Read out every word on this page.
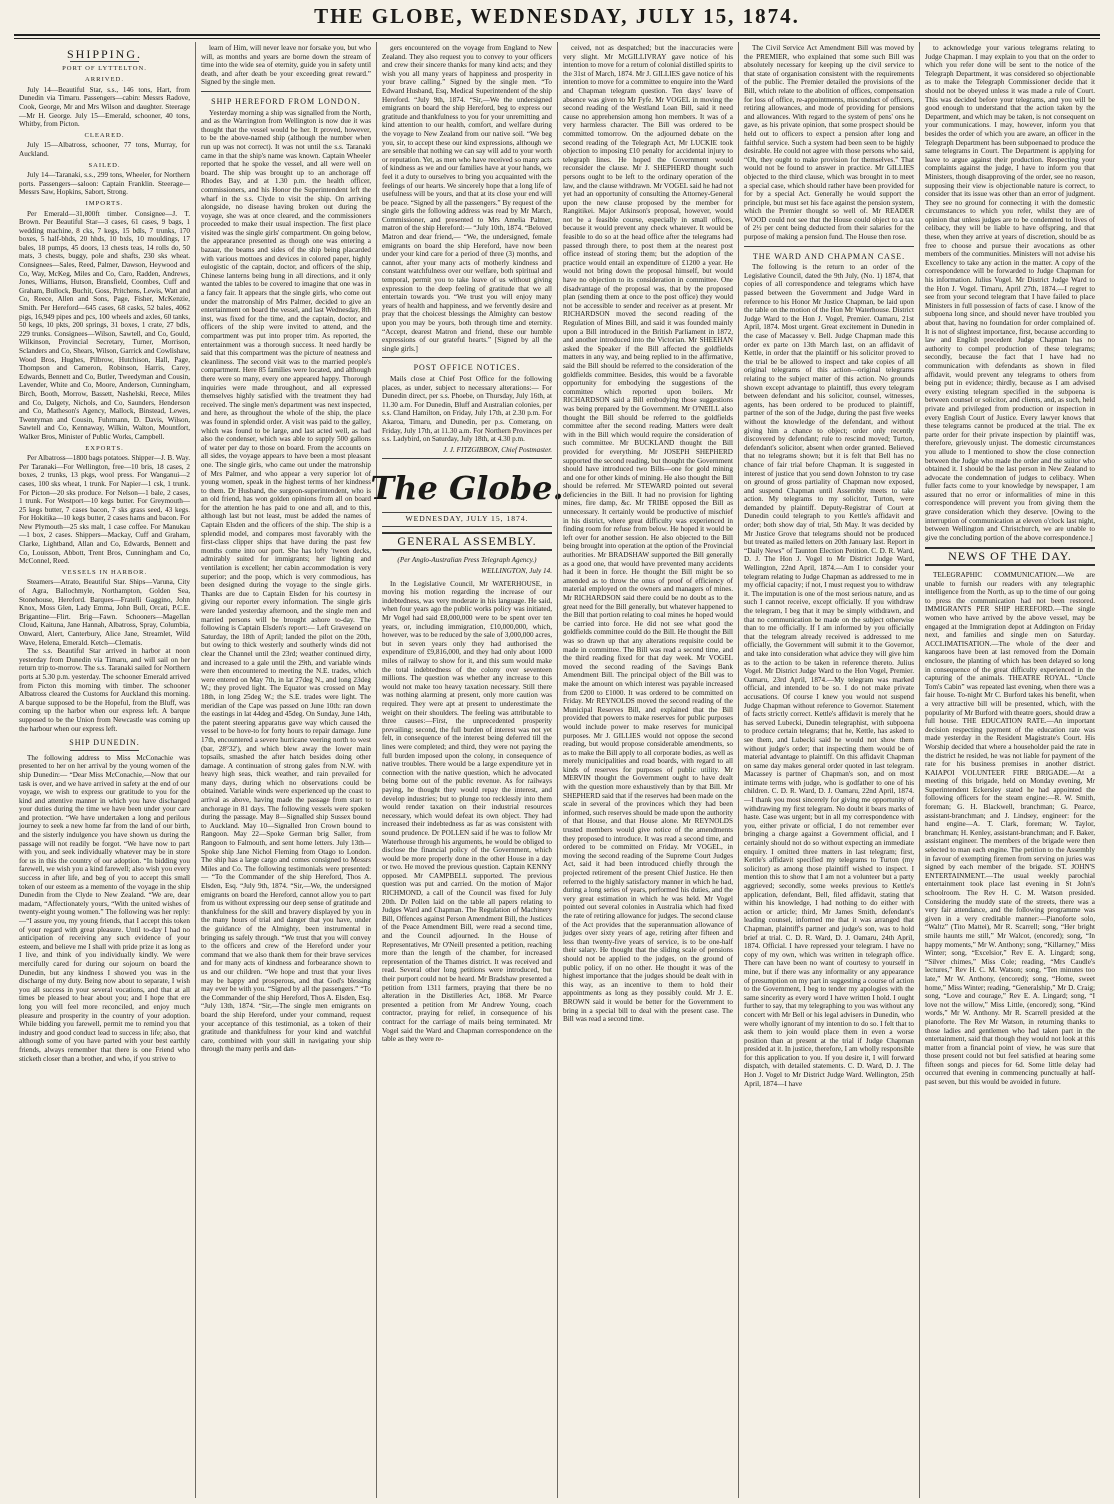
THE GLOBE, WEDNESDAY, JULY 15, 1874.
SHIPPING.
PORT OF LYTTELTON.
ARRIVED.

July 14—Beautiful Star, s.s., 146 tons, Hart, from Dunedin via Timaru. Passengers—cabin: Messrs Radove, Cook, George, Mr and Mrs Wilson and daughter. Steerage—Mr H. George. July 15—Emerald, schooner, 40 tons, Whitby, from Picton.

CLEARED.

July 15—Albatross, schooner, 77 tons, Murray, for Auckland.

SAILED.

July 14—Taranaki, s.s., 299 tons, Wheeler, for Northern ports. Passengers—saloon: Captain Franklin. Steerage—Messrs Saw, Hopkins, Sabort, Strong.

IMPORTS.

Per Emerald—31,800ft timber. Consignee—J. T. Brown. Per Beautiful Star—3 cases, 61 cases, 9 bags, 1 wedding machine, 8 cks, 7 kegs, 15 bdls, 7 trunks, 170 boxes, 5 half-bhds, 20 hhds, 10 bxls, 10 mouldings, 17 bales, 18 pumps, 45 doors, 13 chests teas, 14 rolls do, 50 mats, 3 chests, buggy, pole and shafts, 230 sks wheat. Consignees—Sales, Reed, Palmer, Dawson, Heywood and Co, Way, McKeg, Miles and Co, Caro, Radden, Andrews, Jones, Williams, Hutson, Bransfield, Coombes, Cuff and Graham, Bullock, Buchit, Goss, Pritchens, Lewis, Watt and Co, Reece, Allen and Sons, Page, Fisher, McKenzie, Smith. Per Hereford—645 cases, 68 casks, 52 bales, 4062 pigs, 16,949 pipes and pcs, 100 wheels and axles, 60 tanks, 50 kegs, 10 pkts, 200 springs, 31 boxes, 1 crate, 27 bdls, 229 trunks. Consignees—Wilson, Sawtell, and Co, Gould, Wilkinson, Provincial Secretary, Turner, Morrison, Sclanders and Co, Shears, Wilson, Garrick and Cowlishaw, Wood Bros, Hughes, Pilbrow, Hutchison, Hall, Page, Thompson and Cameron, Robinson, Harris, Carey, Edwards, Bennett and Co, Butler, Tweedyman and Cousin, Lavender, White and Co, Moore, Anderson, Cunningham, Birch, Booth, Morrow, Bassett, Nashelski, Reece, Miles and Co, Dalgety, Nichols, and Co, Saunders, Henderson and Co, Matheson's Agency, Mallock, Binstead, Lewes, Twentyman and Cousin, Fuhrmann, D. Davis, Wilson, Sawtell and Co, Kennaway, Wilkin, Walton, Mountfort, Walker Bros, Minister of Public Works, Campbell.

EXPORTS.

Per Albatross—1800 bags potatoes. Shipper—J. B. Way. Per Taranaki—For Wellington, free—10 bris, 18 cases, 2 boxes, 2 trunks, 13 pkgs, wool press. For Wanganui—2 cases, 100 sks wheat, 1 trunk. For Napier—1 csk, 1 trunk. For Picton—20 sks produce. For Nelson—1 bale, 2 cases, 1 trunk. For Westport—10 kegs butter. For Greymouth—25 kegs butter, 7 cases bacon, 7 sks grass seed, 43 kegs. For Hokitika—10 kegs butter, 2 cases hams and bacon. For New Plymouth—25 sks malt, 1 case coffee. For Manukau—1 box, 2 cases. Shippers—Mackay, Cuff and Graham, Clarke, Lightband, Allan and Co, Edwards, Bennett and Co, Louisson, Abbott, Trent Bros, Cunningham and Co, McConnel, Reed.

VESSELS IN HARBOR.

Steamers—Atrato, Beautiful Star. Ships—Varuna, City of Agra, Ballochmyle, Northampton, Golden Sea, Stonehouse, Hereford. Barques—Fratelli Gaggino, John Knox, Moss Glen, Lady Emma, John Bull, Orcati, P.C.E. Brigantine—Flirt. Brig—Fawn. Schooners—Magellan Cloud, Kaituna, Jane Hannah, Albatross, Spray, Columbia, Onward, Alert, Canterbury, Alice Jane, Streamlet, Wild Wave, Helena, Emerald. Ketch—Clematis.

The s.s. Beautiful Star arrived in harbor at noon yesterday from Dunedin via Timaru, and will sail on her return trip to-morrow. The s.s. Taranaki sailed for Northern ports at 5.30 p.m. yesterday. The schooner Emerald arrived from Picton this morning with timber. The schooner Albatross cleared the Customs for Auckland this morning. A barque supposed to be the Hopeful, from the Bluff, was coming up the harbor when our express left. A barque supposed to be the Union from Newcastle was coming up the harbour when our express left.

SHIP DUNEDIN.

The following address to Miss McConachie was presented to her on her arrival by the young women of the ship Dunedin:— “Dear Miss McConachie,—Now that our task is over, and we have arrived in safety at the end of our voyage, we wish to express our gratitude to you for the kind and attentive manner in which you have discharged your duties during the time we have been under your care and protection. “We have undertaken a long and perilous journey to seek a new home far from the land of our birth, and the sisterly indulgence you have shown us during the passage will not readily be forgot. “We have now to part with you, and seek individually whatever may be in store for us in this the country of our adoption. “In bidding you farewell, we wish you a kind farewell; also wish you every success in after life, and beg of you to accept this small token of our esteem as a memento of the voyage in the ship Dunedin from the Clyde to New Zealand. “We are, dear madam, “Affectionately yours, “With the united wishes of twenty-eight young women.” The following was her reply:—“I assure you, my young friends, that I accept this token of your regard with great pleasure. Until to-day I had no anticipation of receiving any such evidence of your esteem, and believe me I shall with pride prize it as long as I live, and think of you individually kindly. We were mercifully cared for during our sojourn on board the Dunedin, but any kindness I showed you was in the discharge of my duty. Being now about to separate, I wish you all success in your several vocations, and that at all times be pleased to hear about you; and I hope that ere long you will feel more reconciled, and enjoy much pleasure and prosperity in the country of your adoption. While bidding you farewell, permit me to remind you that industry and good conduct lead to success in life; also, that although some of you have parted with your best earthly friends, always remember that there is one Friend who sticketh closer than a brother, and who, if you strive to

learn of Him, will never leave nor forsake you, but who will, as months and years are borne down the stream of time into the wide sea of eternity, guide you in safety until death, and after death be your exceeding great reward.” Signed by the single men.

SHIP HEREFORD FROM LONDON.

Yesterday morning a ship was signalled from the North, and as the Warrington from Wellington is now due it was thought that the vessel would be her. It proved, however, to be the above-named ship (although the number when run up was not correct). It was not until the s.s. Taranaki came in that the ship's name was known. Captain Wheeler reported that he spoke the vessel, and all were well on board. The ship was brought up to an anchorage off Rhodes Bay, and at 1.30 p.m. the health officer, commissioners, and his Honor the Superintendent left the wharf in the s.s. Clyde to visit the ship. On arriving alongside, no disease having broken out during the voyage, she was at once cleared, and the commissioners proceeded to make their usual inspection. The first place visited was the single girls' compartment. On going below, the appearance presented as though one was entering a bazaar, the beams and sides of the ship being placarded with various mottoes and devices in colored paper, highly eulogistic of the captain, doctor, and officers of the ship, Chinese lanterns being hung in all directions, and it only wanted the tables to be covered to imagine that one was in a fancy fair. It appears that the single girls, who come out under the matronship of Mrs Palmer, decided to give an entertainment on board the vessel, and last Wednesday, 8th inst, was fixed for the time, and the captain, doctor, and officers of the ship were invited to attend, and the compartment was put into proper trim. As reported, the entertainment was a thorough success. It need hardly be said that this compartment was the picture of neatness and cleanliness. The second visit was to the married people's compartment. Here 85 families were located, and although there were so many, every one appeared happy. Thorough inquiries were made throughout, and all expressed themselves highly satisfied with the treatment they had received. The single men's department was next inspected, and here, as throughout the whole of the ship, the place was found in splendid order. A visit was paid to the galley, which was found to be large, and last acted well, as had also the condenser, which was able to supply 500 gallons of water per day to those on board. From the accounts on all sides, the voyage appears to have been a most pleasant one. The single girls, who came out under the matronship of Mrs Palmer, and who appear a very superior lot of young women, speak in the highest terms of her kindness to them. Dr Husband, the surgeon-superintendent, who is an old friend, has won golden opinions from all on board for the attention he has paid to one and all, and to this, although last but not least, must be added the names of Captain Elsden and the officers of the ship. The ship is a splendid model, and compares most favorably with the first-class clipper ships that have during the past few months come into our port. She has lofty 'tween decks, admirably suited for immigrants; her lighting and ventilation is excellent; her cabin accommodation is very superior; and the poop, which is very commodious, has been designed during the voyage to the single girls. Thanks are due to Captain Elsden for his courtesy in giving our reporter every information. The single girls were landed yesterday afternoon, and the single men and married persons will be brought ashore to-day. The following is Captain Elsden's report:— Left Gravesend on Saturday, the 18th of April; landed the pilot on the 20th, but owing to thick westerly and southerly winds did not clear the Channel until the 23rd; weather continued dirty, and increased to a gale until the 29th, and variable winds were then encountered to meeting the N.E. trades, which were entered on May 7th, in lat 27deg N., and long 23deg W.; they proved light. The Equator was crossed on May 18th, in long 25deg W.; the S.E. trades were light. The meridian of the Cape was passed on June 10th: ran down the eastings in lat 44deg and 45deg. On Sunday, June 14th, the patent steering apparatus gave way which caused the vessel to be hove-to for forty hours to repair damage. June 17th, encountered a severe hurricane veering north to west (bar, 28°32'), and which blew away the lower main topsails, smashed the after hatch besides doing other damage. A continuation of strong gales from N.W. with heavy high seas, thick weather, and rain prevailed for many days, during which no observations could be obtained. Variable winds were experienced up the coast to arrival as above, having made the passage from start to anchorage in 81 days. The following vessels were spoken during the passage. May 8—Signalled ship Sussex bound to Auckland. May 10—Signalled Iron Crown bound to Rangoon. May 22—Spoke German brig Saller, from Rangoon to Falmouth, and sent home letters. July 13th—Spoke ship Jane Nichol Fleming from Otago to London. The ship has a large cargo and comes consigned to Messrs Miles and Co. The following testimonials were presented:— “To the Commander of the ship Hereford, Thos A. Elsden, Esq. “July 9th, 1874. “Sir,—We, the undersigned emigrants on board the Hereford, cannot allow you to part from us without expressing our deep sense of gratitude and thankfulness for the skill and bravery displayed by you in the many hours of trial and danger that you have, under the guidance of the Almighty, been instrumental in bringing us safely through. “We trust that you will convey to the officers and crew of the Hereford under your command that we also thank them for their brave services and for many acts of kindness and forbearance shown to us and our children. “We hope and trust that your lives may be happy and prosperous, and that God's blessing may ever be with you. “Signed by all the passengers.” “To the Commander of the ship Hereford, Thos A. Elsden, Esq. “July 13th, 1874. “Sir,—The single men emigrants on board the ship Hereford, under your command, request your acceptance of this testimonial, as a token of their gratitude and thankfulness for your kind and watchful care, combined with your skill in navigating your ship through the many perils and dan-

gers encountered on the voyage from England to New Zealand. They also request you to convey to your officers and crew their sincere thanks for many kind acts; and they wish you all many years of happiness and prosperity in your brave calling.” Signed by the single men. “To Edward Husband, Esq, Medical Superintendent of the ship Hereford. “July 9th, 1874. “Sir,—We the undersigned emigrants on board the ship Hereford, beg to express our gratitude and thankfulness to you for your unremitting and kind attention to our health, comfort, and welfare during the voyage to New Zealand from our native soil. “We beg you, sir, to accept these our kind expressions, although we are sensible that nothing we can say will add to your worth or reputation. Yet, as men who have received so many acts of kindness as we and our families have at your hands, we feel it a duty to ourselves to bring you acquainted with the feelings of our hearts. We sincerely hope that a long life of usefulness will be yours, and that at its close your end will be peace. “Signed by all the passengers.” By request of the single girls the following address was read by Mr March, Commissioner, and presented to Mrs Amelia Palmer, matron of the ship Hereford:— “July 10th, 1874. “Beloved Matron and dear friend,— “We, the undersigned, female emigrants on board the ship Hereford, have now been under your kind care for a period of three (3) months, and cannot, after your many acts of motherly kindness and constant watchfulness over our welfare, both spiritual and temporal, permit you to take leave of us without giving expression to the deep feeling of gratitude that we all entertain towards you. “We trust you will enjoy many years of health and happiness, and we fervently desire and pray that the choicest blessings the Almighty can bestow upon you may be yours, both through time and eternity. “Accept, dearest Matron and friend, these our humble expressions of our grateful hearts.” [Signed by all the single girls.]

POST OFFICE NOTICES.

Mails close at Chief Post Office for the following places, as under, subject to necessary alterations:— For Dunedin direct, per s.s. Phoebe, on Thursday, July 16th, at 11.30 a.m. For Dunedin, Bluff and Australian colonies, per s.s. Cland Hamilton, on Friday, July 17th, at 2.30 p.m. For Akaroa, Timaru, and Dunedin, per p.s. Comerang, on Friday, July 17th, at 11.30 a.m. For Northern Provinces per s.s. Ladybird, on Saturday, July 18th, at 4.30 p.m.

J. J. FITZGIBBON, Chief Postmaster.
The Globe.
WEDNESDAY, JULY 15, 1874.
GENERAL ASSEMBLY.
(Per Anglo-Australian Press Telegraph Agency.)
WELLINGTON, July 14.

In the Legislative Council, Mr WATERHOUSE, in moving his motion regarding the increase of our indebtedness, was very moderate in his language. He said, when four years ago the public works policy was initiated, Mr Vogel had said £8,000,000 were to be spent over ten years, or, including immigration, £10,000,000, which, however, was to be reduced by the sale of 3,000,000 acres, but in seven years only they had authorised the expenditure of £9,816,000, and they had only about 1000 miles of railway to show for it, and this sum would make the total indebtedness of the colony over seventeen millions. The question was whether any increase to this would not make too heavy taxation necessary. Still there was nothing alarming at present, only more caution was required. They were apt at present to underestimate the weight on their shoulders. The feeling was attributable to three causes:—First, the unprecedented prosperity prevailing; second, the full burden of interest was not yet felt, in consequence of the interest being deferred till the lines were completed; and third, they were not paying the full burden imposed upon the colony, in consequence of native troubles. There would be a large expenditure yet in connection with the native question, which he advocated being borne out of the public revenue. As for railways paying, he thought they would repay the interest, and develop industries; but to plunge too recklessly into them would render taxation on their industrial resources necessary, which would defeat its own object. They had increased their indebtedness as far as was consistent with sound prudence. Dr POLLEN said if he was to follow Mr Waterhouse through his arguments, he would be obliged to disclose the financial policy of the Government, which would be more properly done in the other House in a day or two. He moved the previous question. Captain KENNY opposed. Mr CAMPBELL supported. The previous question was put and carried. On the motion of Major RICHMOND, a call of the Council was fixed for July 20th. Dr Pollen laid on the table all papers relating to Judges Ward and Chapman. The Regulation of Machinery Bill, Offences against Person Amendment Bill, the Justices of the Peace Amendment Bill, were read a second time, and the Council adjourned. In the House of Representatives, Mr O'Neill presented a petition, reaching more than the length of the chamber, for increased representation of the Thames district. It was received and read. Several other long petitions were introduced, but their purport could not be heard. Mr Bradshaw presented a petition from 1311 farmers, praying that there be no alteration in the Distilleries Act, 1868. Mr Pearce presented a petition from Mr Andrew Young, coach contractor, praying for relief, in consequence of his contract for the carriage of mails being terminated. Mr Vogel said the Ward and Chapman correspondence on the table as they were re-

ceived, not as despatched; but the inaccuracies were very slight. Mr McGILLIVRAY gave notice of his intention to move for a return of colonial distilled spirits to the 31st of March, 1874. Mr J. GILLIES gave notice of his intention to move for a committee to enquire into the Ward and Chapman telegram question. Ten days' leave of absence was given to Mr Fyfe. Mr VOGEL in moving the second reading of the Westland Loan Bill, said it need cause no apprehension among hon members. It was of a very harmless character. The Bill was ordered to be committed tomorrow. On the adjourned debate on the second reading of the Telegraph Act, Mr LUCKIE took objection to imposing £10 penalty for accidental injury to telegraph lines. He hoped the Government would reconsider the clause. Mr J. SHEPHERD thought such persons ought to be left to the ordinary operation of the law, and the clause withdrawn. Mr VOGEL said he had not yet had an opportunity of consulting the Attorney-General upon the new clause proposed by the member for Rangitikei. Major Atkinson's proposal, however, would not be a feasible course, especially in small offices, because it would prevent any check whatever. It would be feasible to do so at the head office after the telegrams had passed through there, to post them at the nearest post office instead of storing them; but the adoption of the practice would entail an expenditure of £1200 a year. He would not bring down the proposal himself, but would have no objection to its consideration in committee. One disadvantage of the proposal was, that by the proposed plan (sending them at once to the post office) they would not be accessible to sender and receiver as at present. Mr RICHARDSON moved the second reading of the Regulation of Mines Bill, and said it was founded mainly upon a Bill introduced in the British Parliament in 1872, and another introduced into the Victorian. Mr SHEEHAN asked the Speaker if the Bill affected the goldfields matters in any way, and being replied to in the affirmative, said the Bill should be referred to the consideration of the goldfields committee. Besides, this would be a favorable opportunity for embodying the suggestions of the committee which reported upon boilers. Mr RICHARDSON said a Bill embodying those suggestions was being prepared by the Government. Mr O'NEILL also thought the Bill should be referred to the goldfields committee after the second reading. Matters were dealt with in the Bill which would require the consideration of such committee. Mr BUCKLAND thought the Bill provided for everything. Mr JOSEPH SHEPHERD supported the second reading, but thought the Government should have introduced two Bills—one for gold mining and one for other kinds of mining. He also thought the Bill should be referred. Mr STEWARD pointed out several deficiencies in the Bill. It had no provision for lighting mines, fire damp, &c. Mr TRIBE opposed the Bill as unnecessary. It certainly would be productive of mischief in his district, where great difficulty was experienced in finding room for refuse from below. He hoped it would be left over for another session. He also objected to the Bill being brought into operation at the option of the Provincial authorities. Mr BRADSHAW supported the Bill generally as a good one, that would have prevented many accidents had it been in force. He thought the Bill might be so amended as to throw the onus of proof of efficiency of material employed on the owners and managers of mines. Mr RICHARDSON said there could be no doubt as to the great need for the Bill generally, but whatever happened to the Bill that portion relating to coal mines he hoped would be carried into force. He did not see what good the goldfields committee could do the Bill. He thought the Bill was so drawn up that any alterations requisite could be made in committee. The Bill was read a second time, and the third reading fixed for that day week. Mr VOGEL moved the second reading of the Savings Bank Amendment Bill. The principal object of the Bill was to make the amount on which interest was payable increased from £200 to £1000. It was ordered to be committed on Friday. Mr REYNOLDS moved the second reading of the Municipal Reserves Bill, and explained that the Bill provided that powers to make reserves for public purposes would include power to make reserves for municipal purposes. Mr J. GILLIES would not oppose the second reading, but would propose considerable amendments, so as to make the Bill apply to all corporate bodies, as well as merely municipalities and road boards, with regard to all kinds of reserves for purposes of public utility. Mr MERVIN thought the Government ought to have dealt with the question more exhaustively than by that Bill. Mr SHEPHERD said that if the reserves had been made on the scale in several of the provinces which they had been informed, such reserves should be made upon the authority of that House, and that House alone. Mr REYNOLDS trusted members would give notice of the amendments they proposed to introduce. It was read a second time, and ordered to be committed on Friday. Mr VOGEL, in moving the second reading of the Supreme Court Judges Act, said it had been introduced chiefly through the projected retirement of the present Chief Justice. He then referred to the highly satisfactory manner in which he had, during a long series of years, performed his duties, and the very great estimation in which he was held. Mr Vogel pointed out several colonies in Australia which had fixed the rate of retiring allowance for judges. The second clause of the Act provides that the superannuation allowance of judges over sixty years of age, retiring after fifteen and less than twenty-five years of service, is to be one-half their salary. He thought that the sliding scale of pensions should not be applied to the judges, on the ground of public policy, if on no other. He thought it was of the highest importance that the judges should be dealt with in this way, as an incentive to them to hold their appointments as long as they possibly could. Mr J. E. BROWN said it would be better for the Government to bring in a special bill to deal with the present case. The Bill was read a second time.

The Civil Service Act Amendment Bill was moved by the PREMIER, who explained that some such Bill was absolutely necessary for keeping up the civil service to that state of organisation consistent with the requirements of the public. The Premier detailed the provisions of the Bill, which relate to the abolition of offices, compensation for loss of office, re-appointments, misconduct of officers, retiring allowances, and mode of providing for pensions and allowances. With regard to the system of pens' ons he gave, as his private opinion, that some prospect should be held out to officers to expect a pension after long and faithful service. Such a system had been seen to be highly desirable. He could not agree with those persons who said, “Oh, they ought to make provision for themselves.” That would not be found to answer in practice. Mr GILLIES objected to the third clause, which was brought in to meet a special case, which should rather have been provided for for by a special Act. Generally he would support the principle, but must set his face against the pension system, which the Premier thought so well of. Mr READER WOOD could not see that the House could object to a tax of 2½ per cent being deducted from their salaries for the purpose of making a pension fund. The House then rose.

THE WARD AND CHAPMAN CASE.

The following is the return to an order of the Legislative Council, dated the 9th July, (No. 1) 1874, that copies of all correspondence and telegrams which have passed between the Government and Judge Ward in reference to his Honor Mr Justice Chapman, be laid upon the table on the motion of the Hon Mr Waterhouse. District Judge Ward to the Hon J. Vogel, Premier. Oamaru, 21st April, 1874. Most urgent. Great excitement in Dunedin in the case of Macassey v. Bell. Judge Chapman made this order ex parte on 13th March last, on an affidavit of Kettle, in order that the plaintiff or his solicitor proved to the trial be be allowed to inspect and take copies of all original telegrams of this action—original telegrams relating to the subject matter of this action. No grounds shown except advantage to plaintiff, thus every telegram between defendant and his solicitor, counsel, witnesses, agents, has been ordered to be produced to plaintiff, partner of the son of the Judge, during the past five weeks without the knowledge of the defendant, and without giving him a chance to object; order only recently discovered by defendant; rule to rescind moved; Turton, defendant's solicitor, absent when order granted. Believed that no telegrams shown; but it is felt that Bell has no chance of fair trial before Chapman. It is suggested in interest of justice that you send down Johnston to try case on ground of gross partiality of Chapman now exposed, and suspend Chapman until Assembly meets to take action. My telegrams to my solicitor, Turton, were demanded by plaintiff. Deputy-Registrar of Court at Dunedin could telegraph to you Kettle's affidavit and order; both show day of trial, 5th May. It was decided by Mr Justice Grove that telegrams should not be produced but treated as mailed letters on 20th January last. Report in “Daily News” of Taunton Election Petition. C. D. R. Ward, D. J. The Hon J. Vogel to Mr District Judge Ward, Wellington, 22nd April, 1874.—Am I to consider your telegram relating to Judge Chapman as addressed to me in my official capacity; if not, I must request you to withdraw it. The imputation is one of the most serious nature, and as such I cannot receive, except officially. If you withdraw the telegram, I beg that it may be simply withdrawn, and that no communication be made on the subject otherwise than to me officially. If I am informed by you officially that the telegram already received is addressed to me officially, the Government will submit it to the Governor, and take into consideration what advice they will give him as to the action to be taken in reference thereto. Julius Vogel. Mr District Judge Ward to the Hon Vogel, Premier. Oamaru, 23rd April, 1874.—My telegram was marked official, and intended to be so. I do not make private accusations. Of course I knew you would not suspend Judge Chapman without reference to Governor. Statement of facts strictly correct. Kettle's affidavit is merely that he has served Lubecki, Dunedin telegraphist, with subpoena to produce certain telegrams; that he, Kettle, has asked to see them, and Lubecki said he would not show them without judge's order; that inspecting them would be of material advantage to plaintiff. On this affidavit Chapman on same day makes general order quoted in last telegram. Macassey is partner of Chapman's son, and on most intimate terms with judge, who is godfather to one of his children. C. D. R. Ward, D. J. Oamaru, 22nd April, 1874.—I thank you most sincerely for giving me opportunity of withdrawing my first telegram. No doubt it bears marks of haste. Case was urgent; but in all my correspondence with you, either private or official, I do not remember ever bringing a charge against a Government official, and I certainly should not do so without expecting an immediate enquiry. I omitted three matters in last telegram; first, Kettle's affidavit specified my telegrams to Turton (my solicitor) as among those plaintiff wished to inspect. I mention this to show that I am not a volunteer but a party aggrieved; secondly, some weeks previous to Kettle's application, defendant, Bell, filed affidavit, stating that within his knowledge, I had nothing to do either with action or article; third, Mr James Smith, defendant's leading counsel, informed me that it was arranged that Chapman, plaintiff's partner and judge's son, was to hold brief at trial. C. D. R. Ward, D. J. Oamaru, 24th April, 1874. Official. I have repressed your telegram. I have no copy of my own, which was written in telegraph office. There can have been no want of courtesy to yourself in mine, but if there was any informality or any appearance of presumption on my part in suggesting a course of action to the Government, I beg to tender my apologies with the same sincerity as every word I have written I hold. I ought further to say, that my telegraphing to you was without any concert with Mr Bell or his legal advisers in Dunedin, who were wholly ignorant of my intention to do so. I felt that to ask them to join would place them in even a worse position than at present at the trial if Judge Chapman presided at it. In justice, therefore, I am wholly responsible for this application to you. If you desire it, I will forward dispatch, with detailed statements. C. D. Ward, D. J. The Hon J. Vogel to Mr District Judge Ward. Wellington, 25th April, 1874—I have

to acknowledge your various telegrams relating to Judge Chapman. I may explain to you that on the order to which you refer done will be sent to the notice of the Telegraph Department, it was considered so objectionable as to make the Telegraph Commissioner decide that it should not be obeyed unless it was made a rule of Court. This was decided before your telegrams, and you will be good enough to understand that the action taken by the Department, and which may be taken, is not consequent on your communications. I may, however, inform you that besides the order of which you are aware, an officer in the Telegraph Department has been subpoenaed to produce the same telegrams in Court. The Department is applying for leave to argue against their production. Respecting your complaints against the judge, I have to inform you that Ministers, though disapproving of the order, see no reason, supposing their view is objectionable nature is correct, to consider that its issue was other than an error of judgment. They see no ground for connecting it with the domestic circumstances to which you refer, whilst they are of opinion that unless judges are to be condemned to lives of celibacy, they will be liable to have offspring, and that these, when they arrive at years of discretion, should be as free to choose and pursue their avocations as other members of the communities. Ministers will not advise his Excellency to take any action in the matter. A copy of the correspondence will be forwarded to Judge Chapman for his information. Julius Vogel. Mr District Judge Ward to the Hon J. Vogel. Timaru, April 27th, 1874.—I regret to see from your second telegram that I have failed to place Ministers in full possession of facts of case. I know of the subpoena long since, and should never have troubled you about that, having no foundation for order complained of. It is not of slightest importance, first, because according to law and English precedent Judge Chapman has no authority to compel production of these telegrams; secondly, because the fact that I have had no communication with defendants as shown in filed affidavit, would prevent any telegrams to others from being put in evidence; thirdly, because as I am advised every existing telegram specified in the subpoena is between counsel or solicitor, and clients, and, as such, held private and privileged from production or inspection in every English Court of Justice. Every lawyer knows that these telegrams cannot be produced at the trial. The ex parte order for their private inspection by plaintiff was, therefore, grievously unjust. The domestic circumstances you allude to I mentioned to show the close connection between the Judge who made the order and the suitor who obtained it. I should be the last person in New Zealand to advocate the condemnation of judges to celibacy. When fuller facts come to your knowledge by newspaper, I am assured that no error or informalities of mine in this correspondence will prevent you from giving them the grave consideration which they deserve. [Owing to the interruption of communication at eleven o'clock last night, between Wellington and Christchurch, we are unable to give the concluding portion of the above correspondence.]

NEWS OF THE DAY.

TELEGRAPHIC COMMUNICATION.—We are unable to furnish our readers with any telegraphic intelligence from the North, as up to the time of our going to press the communication had not been restored. IMMIGRANTS PER SHIP HEREFORD.—The single women who have arrived by the above vessel, may be engaged at the Immigration depot at Addington on Friday next, and families and single men on Saturday. ACCLIMATISATION.—The whole of the deer and kangaroos have been at last removed from the Domain enclosure, the planting of which has been delayed so long in consequence of the great difficulty experienced in the capturing of the animals. THEATRE ROYAL. “Uncle Tom's Cabin” was repeated last evening, when there was a fair house. To-night Mr C. Burford takes his benefit, when a very attractive bill will be presented, which, with the popularity of Mr Burford with theatre goers, should draw a full house. THE EDUCATION RATE.—An important decision respecting payment of the education rate was made yesterday in the Resident Magistrate's Court. His Worship decided that where a householder paid the rate in the district he resided, he was not liable for payment of the rate for his business premises in another district. KAIAPOI VOLUNTEER FIRE BRIGADE.—At a meeting of this brigade, held on Monday evening, Mr Superintendent Eckersley stated he had appointed the following officers for the steam engine:—R. W. Smith, foreman; G. H. Blackwell, branchman; G. Pearce, assistant-branchman; and J. Lindsey, engineer: for the hand engine—A. T. Clark, foreman; W. Taylor, branchman; H. Kenley, assistant-branchman; and F. Baker, assistant engineer. The members of the brigade were then selected to man each engine. The petition to the Assembly in favour of exempting firemen from serving on juries was signed by each member of the brigade. ST. JOHN'S ENTERTAINMENT.—The usual weekly parochial entertainment took place last evening in St John's schoolroom. The Rev H. C. M. Watson presided. Considering the muddy state of the streets, there was a very fair attendance, and the following programme was given in a very creditable manner:—Pianoforte solo, “Waltz” (Tito Mattei), Mr R. Scarrell; song, “Her bright smile haunts me still,” Mr Walcot, (encored); song, “In happy moments,” Mr W. Anthony; song, “Killarney,” Miss Winter; song, “Excelsior,” Rev E. A. Lingard; song, “Silver chimes,” Miss Cole; reading, “Mrs Caudle's lectures,” Rev H. C. M. Watson; song, “Ten minutes too late,” Mr W. Anthony, (encored); song, “Home, sweet home,” Miss Winter; reading, “Generalship,” Mr D. Craig; song, “Love and courage,” Rev E. A. Lingard; song, “I love not the willow,” Miss Little, (encored); song, “Kind words,” Mr W. Anthony. Mr R. Scarrell presided at the pianoforte. The Rev Mr Watson, in returning thanks to those ladies and gentlemen who had taken part in the entertainment, said that though they would not look at this matter from a financial point of view, he was sure that those present could not but feel satisfied at hearing some fifteen songs and pieces for 6d. Some little delay had occurred that evening in commencing punctually at half-past seven, but this would be avoided in future.
